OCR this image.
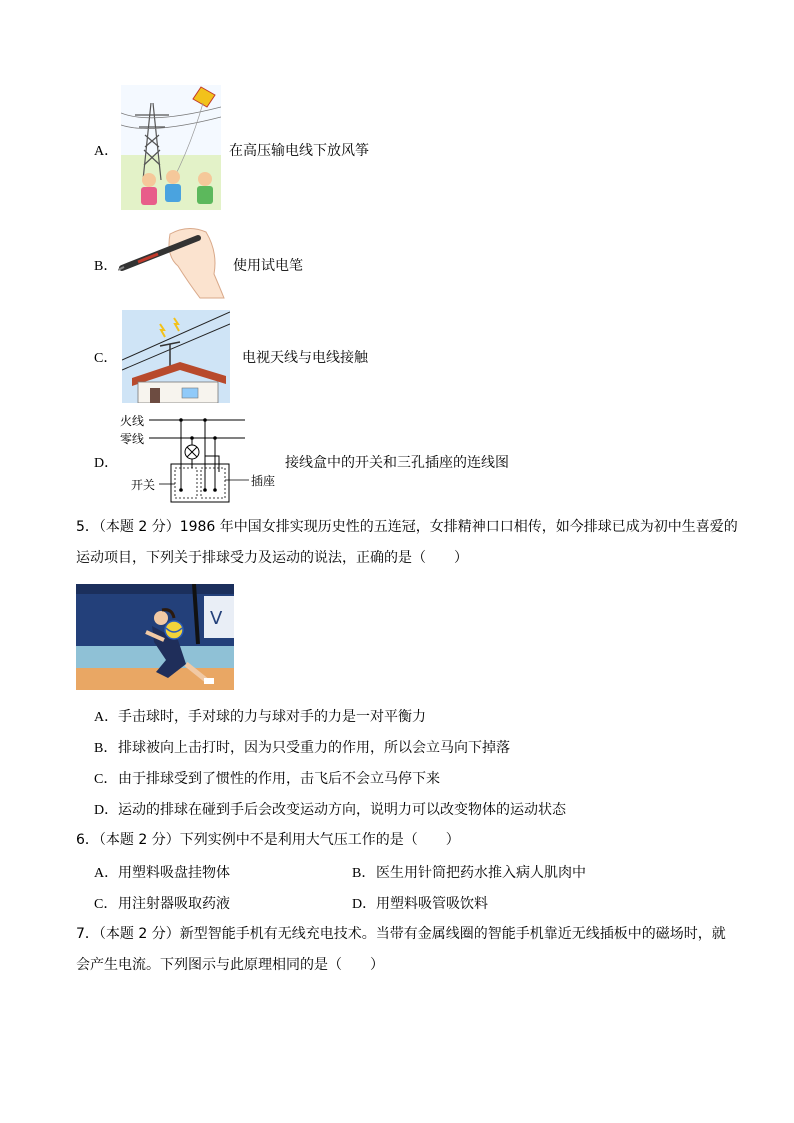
A．	在高压输电线下放风筝
B．	使用试电笔
C．	电视天线与电线接触
D．
火线
零线
开关	插座
接线盒中的开关和三孔插座的连线图
5．（本题 2 分）1986 年中国女排实现历史性的五连冠，女排精神口口相传，如今排球已成为初中生喜爱的
运动项目，下列关于排球受力及运动的说法，正确的是（　　）
V
A． 手击球时，手对球的力与球对手的力是一对平衡力
B． 排球被向上击打时，因为只受重力的作用，所以会立马向下掉落
C． 由于排球受到了惯性的作用，击飞后不会立马停下来
D． 运动的排球在碰到手后会改变运动方向，说明力可以改变物体的运动状态
6．（本题 2 分）下列实例中不是利用大气压工作的是（　　）
A． 用塑料吸盘挂物体	B． 医生用针筒把药水推入病人肌肉中
C． 用注射器吸取药液	D． 用塑料吸管吸饮料
7．（本题 2 分）新型智能手机有无线充电技术。当带有金属线圈的智能手机靠近无线插板中的磁场时，就
会产生电流。下列图示与此原理相同的是（　　）
